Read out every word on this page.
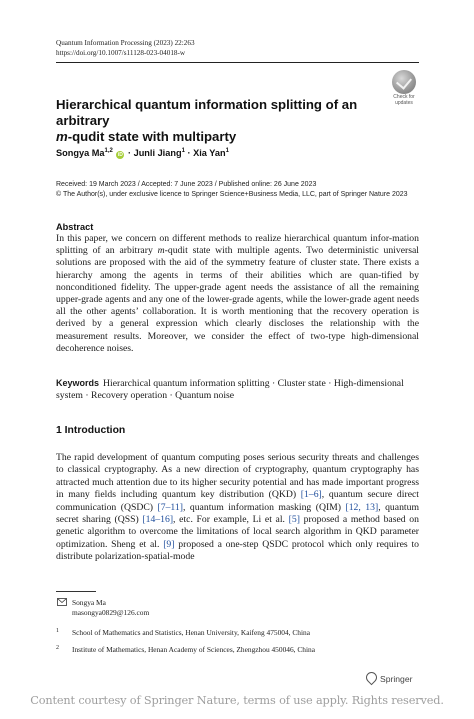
Quantum Information Processing (2023) 22:263
https://doi.org/10.1007/s11128-023-04018-w
Check for
updates
Hierarchical quantum information splitting of an arbitrary
m-qudit state with multiparty
Songya Ma$^{1,2}$ iD · Junli Jiang$^1$ · Xia Yan$^1$
Received: 19 March 2023 / Accepted: 7 June 2023 / Published online: 26 June 2023
© The Author(s), under exclusive licence to Springer Science+Business Media, LLC, part of Springer Nature 2023
Abstract
In this paper, we concern on different methods to realize hierarchical quantum infor-mation splitting of an arbitrary m-qudit state with multiple agents. Two deterministic universal solutions are proposed with the aid of the symmetry feature of cluster state. There exists a hierarchy among the agents in terms of their abilities which are quan-tified by nonconditioned fidelity. The upper-grade agent needs the assistance of all the remaining upper-grade agents and any one of the lower-grade agents, while the lower-grade agent needs all the other agents’ collaboration. It is worth mentioning that the recovery operation is derived by a general expression which clearly discloses the relationship with the measurement results. Moreover, we consider the effect of two-type high-dimensional decoherence noises.
Keywords Hierarchical quantum information splitting · Cluster state · High-dimensional system · Recovery operation · Quantum noise
1 Introduction
The rapid development of quantum computing poses serious security threats and challenges to classical cryptography. As a new direction of cryptography, quantum cryptography has attracted much attention due to its higher security potential and has made important progress in many fields including quantum key distribution (QKD) [1–6], quantum secure direct communication (QSDC) [7–11], quantum information masking (QIM) [12, 13], quantum secret sharing (QSS) [14–16], etc. For example, Li et al. [5] proposed a method based on genetic algorithm to overcome the limitations of local search algorithm in QKD parameter optimization. Sheng et al. [9] proposed a one-step QSDC protocol which only requires to distribute polarization-spatial-mode
Songya Ma
masongya0829@126.com
1 School of Mathematics and Statistics, Henan University, Kaifeng 475004, China
2 Institute of Mathematics, Henan Academy of Sciences, Zhengzhou 450046, China
Springer
Content courtesy of Springer Nature, terms of use apply. Rights reserved.
